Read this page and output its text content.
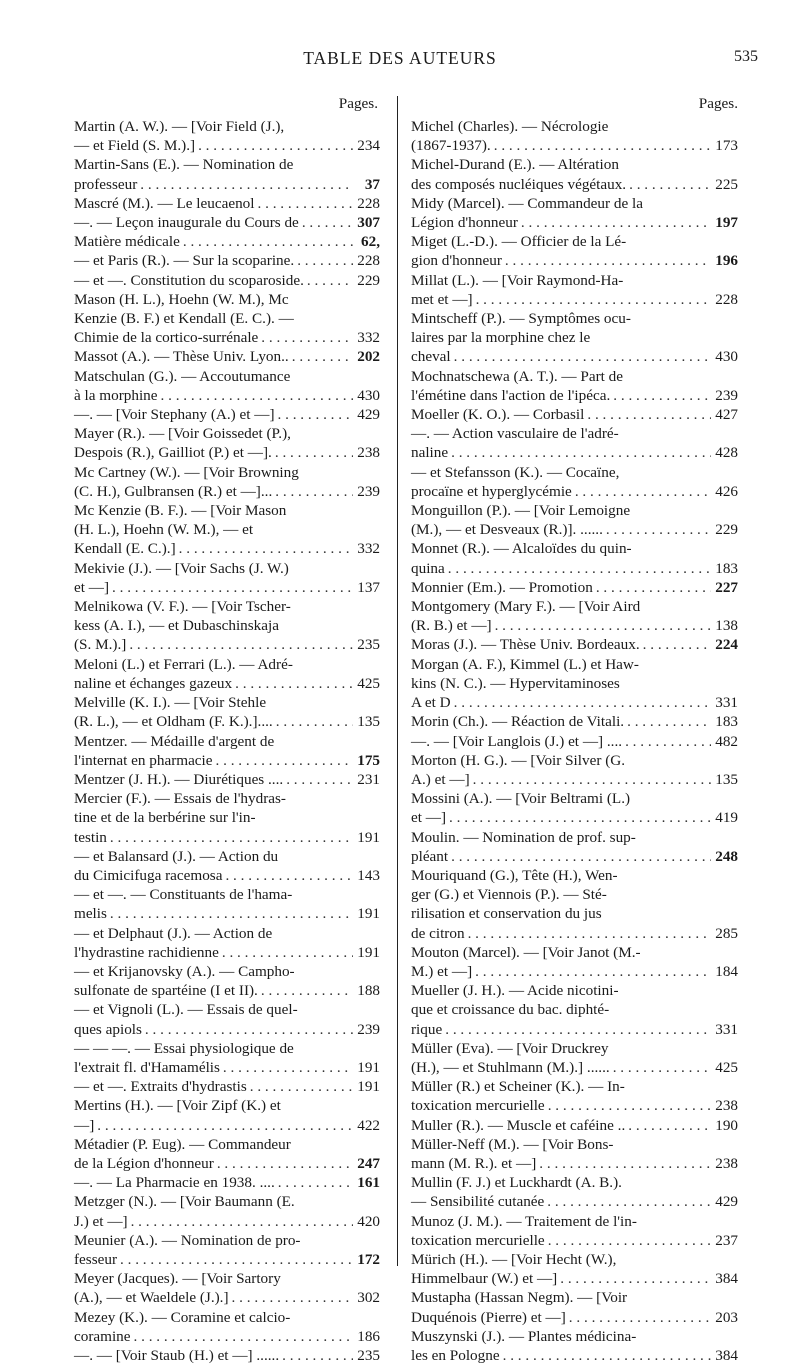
TABLE DES AUTEURS	535
Pages.
Martin (A. W.). — [Voir Field (J.),
— et Field (S. M.).] . . .	234
Martin-Sans (E.). — Nomination de
professeur . . .	37
Mascré (M.). — Le leucaenol . . .	228
—. — Leçon inaugurale du Cours de . . .	307
Matière médicale . . .	62,
— et Paris (R.). — Sur la scoparine. . . .	228
— et —. Constitution du scoparoside. . . .	229
Mason (H. L.), Hoehn (W. M.), Mc
Kenzie (B. F.) et Kendall (E. C.). —
Chimie de la cortico-surrénale . . .	332
Massot (A.). — Thèse Univ. Lyon.. . . .	202
Matschulan (G.). — Accoutumance
à la morphine . . .	430
—. — [Voir Stephany (A.) et —] . . .	429
Mayer (R.). — [Voir Goissedet (P.),
Despois (R.), Gailliot (P.) et —]. . . .	238
Mc Cartney (W.). — [Voir Browning
(C. H.), Gulbransen (R.) et —]... . . .	239
Mc Kenzie (B. F.). — [Voir Mason
(H. L.), Hoehn (W. M.), — et
Kendall (E. C.).] . . .	332
Mekivie (J.). — [Voir Sachs (J. W.)
et —] . . .	137
Melnikowa (V. F.). — [Voir Tscher-
kess (A. I.), — et Dubaschinskaja
(S. M.).] . . .	235
Meloni (L.) et Ferrari (L.). — Adré-
naline et échanges gazeux . . .	425
Melville (K. I.). — [Voir Stehle
(R. L.), — et Oldham (F. K.).].... . . .	135
Mentzer. — Médaille d'argent de
l'internat en pharmacie . . .	175
Mentzer (J. H.). — Diurétiques .... . . .	231
Mercier (F.). — Essais de l'hydras-
tine et de la berbérine sur l'in-
testin . . .	191
— et Balansard (J.). — Action du
du Cimicifuga racemosa . . .	143
— et —. — Constituants de l'hama-
melis . . .	191
— et Delphaut (J.). — Action de
l'hydrastine rachidienne . . .	191
— et Krijanovsky (A.). — Campho-
sulfonate de spartéine (I et II). . . .	188
— et Vignoli (L.). — Essais de quel-
ques apiols . . .	239
— — —. — Essai physiologique de
l'extrait fl. d'Hamamélis . . .	191
— et —. Extraits d'hydrastis . . .	191
Mertins (H.). — [Voir Zipf (K.) et
—] . . .	422
Métadier (P. Eug). — Commandeur
de la Légion d'honneur . . .	247
—. — La Pharmacie en 1938. .... . . .	161
Metzger (N.). — [Voir Baumann (E.
J.) et —] . . .	420
Meunier (A.). — Nomination de pro-
fesseur . . .	172
Meyer (Jacques). — [Voir Sartory
(A.), — et Waeldele (J.).] . . .	302
Mezey (K.). — Coramine et calcio-
coramine . . .	186
—. — [Voir Staub (H.) et —] ...... . . .	235
Pages.
Michel (Charles). — Nécrologie
(1867-1937). . . .	173
Michel-Durand (E.). — Altération
des composés nucléiques végétaux. . . .	225
Midy (Marcel). — Commandeur de la
Légion d'honneur . . .	197
Miget (L.-D.). — Officier de la Lé-
gion d'honneur . . .	196
Millat (L.). — [Voir Raymond-Ha-
met et —] . . .	228
Mintscheff (P.). — Symptômes ocu-
laires par la morphine chez le
cheval . . .	430
Mochnatschewa (A. T.). — Part de
l'émétine dans l'action de l'ipéca. . . .	239
Moeller (K. O.). — Corbasil . . .	427
—. — Action vasculaire de l'adré-
naline . . .	428
— et Stefansson (K.). — Cocaïne,
procaïne et hyperglycémie . . .	426
Monguillon (P.). — [Voir Lemoigne
(M.), — et Desveaux (R.)]. ...... . . .	229
Monnet (R.). — Alcaloïdes du quin-
quina . . .	183
Monnier (Em.). — Promotion . . .	227
Montgomery (Mary F.). — [Voir Aird
(R. B.) et —] . . .	138
Moras (J.). — Thèse Univ. Bordeaux. . . .	224
Morgan (A. F.), Kimmel (L.) et Haw-
kins (N. C.). — Hypervitaminoses
A et D . . .	331
Morin (Ch.). — Réaction de Vitali. . . .	183
—. — [Voir Langlois (J.) et —] .... . . .	482
Morton (H. G.). — [Voir Silver (G.
A.) et —] . . .	135
Mossini (A.). — [Voir Beltrami (L.)
et —] . . .	419
Moulin. — Nomination de prof. sup-
pléant . . .	248
Mouriquand (G.), Tête (H.), Wen-
ger (G.) et Viennois (P.). — Sté-
rilisation et conservation du jus
de citron . . .	285
Mouton (Marcel). — [Voir Janot (M.-
M.) et —] . . .	184
Mueller (J. H.). — Acide nicotini-
que et croissance du bac. diphté-
rique . . .	331
Müller (Eva). — [Voir Druckrey
(H.), — et Stuhlmann (M.).] ...... . . .	425
Müller (R.) et Scheiner (K.). — In-
toxication mercurielle . . .	238
Muller (R.). — Muscle et caféine .. . . .	190
Müller-Neff (M.). — [Voir Bons-
mann (M. R.). et —] . . .	238
Mullin (F. J.) et Luckhardt (A. B.).
— Sensibilité cutanée . . .	429
Munoz (J. M.). — Traitement de l'in-
toxication mercurielle . . .	237
Mürich (H.). — [Voir Hecht (W.),
Himmelbaur (W.) et —] . . .	384
Mustapha (Hassan Negm). — [Voir
Duquénois (Pierre) et —] . . .	203
Muszynski (J.). — Plantes médicina-
les en Pologne . . .	384
